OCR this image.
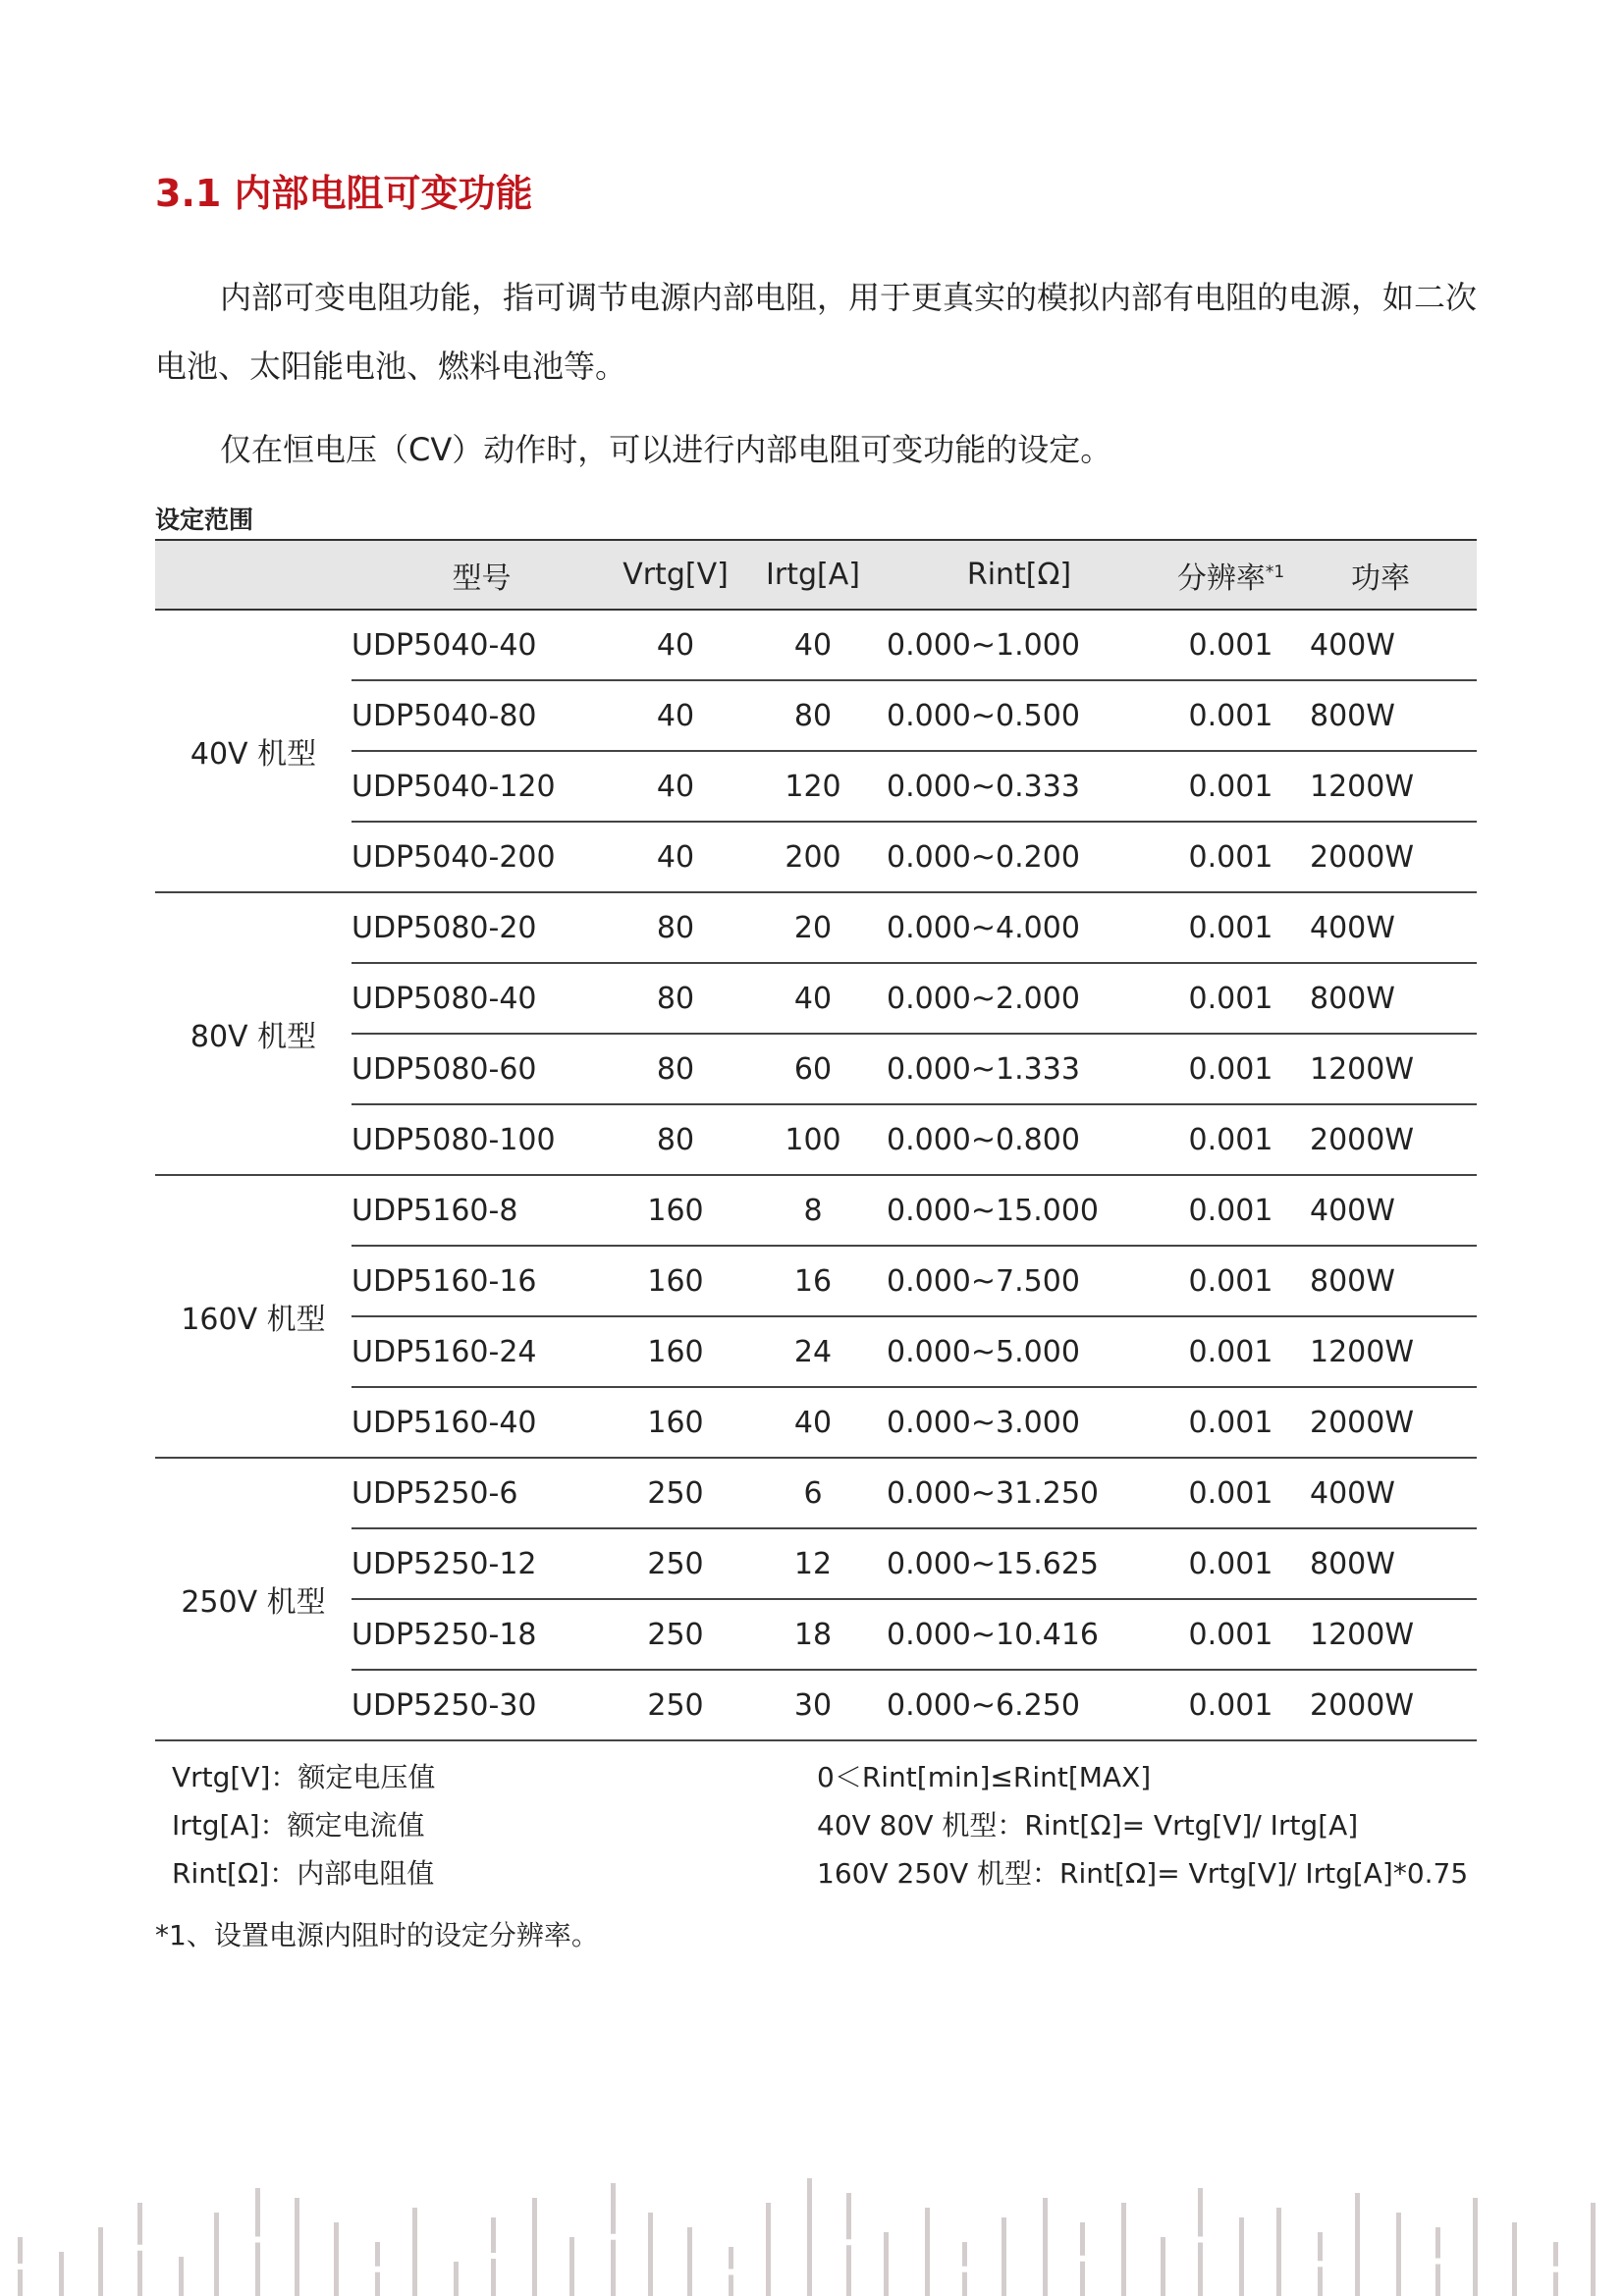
3.1 内部电阻可变功能

内部可变电阻功能，指可调节电源内部电阻，用于更真实的模拟内部有电阻的电源，如二次电池、太阳能电池、燃料电池等。

仅在恒电压（CV）动作时，可以进行内部电阻可变功能的设定。

设定范围

	型号	Vrtg[V]	Irtg[A]	Rint[Ω]	分辨率$^{*1}$	功率
40V 机型	UDP5040-40	40	40	0.000~1.000	0.001	400W
	UDP5040-80	40	80	0.000~0.500	0.001	800W
	UDP5040-120	40	120	0.000~0.333	0.001	1200W
	UDP5040-200	40	200	0.000~0.200	0.001	2000W
80V 机型	UDP5080-20	80	20	0.000~4.000	0.001	400W
	UDP5080-40	80	40	0.000~2.000	0.001	800W
	UDP5080-60	80	60	0.000~1.333	0.001	1200W
	UDP5080-100	80	100	0.000~0.800	0.001	2000W
160V 机型	UDP5160-8	160	8	0.000~15.000	0.001	400W
	UDP5160-16	160	16	0.000~7.500	0.001	800W
	UDP5160-24	160	24	0.000~5.000	0.001	1200W
	UDP5160-40	160	40	0.000~3.000	0.001	2000W
250V 机型	UDP5250-6	250	6	0.000~31.250	0.001	400W
	UDP5250-12	250	12	0.000~15.625	0.001	800W
	UDP5250-18	250	18	0.000~10.416	0.001	1200W
	UDP5250-30	250	30	0.000~6.250	0.001	2000W
Vrtg[V]：额定电压值
Irtg[A]：额定电流值
Rint[Ω]：内部电阻值
0＜Rint[min]≤Rint[MAX]
40V 80V 机型：Rint[Ω]= Vrtg[V]/ Irtg[A]
160V 250V 机型：Rint[Ω]= Vrtg[V]/ Irtg[A]*0.75

*1、设置电源内阻时的设定分辨率。
